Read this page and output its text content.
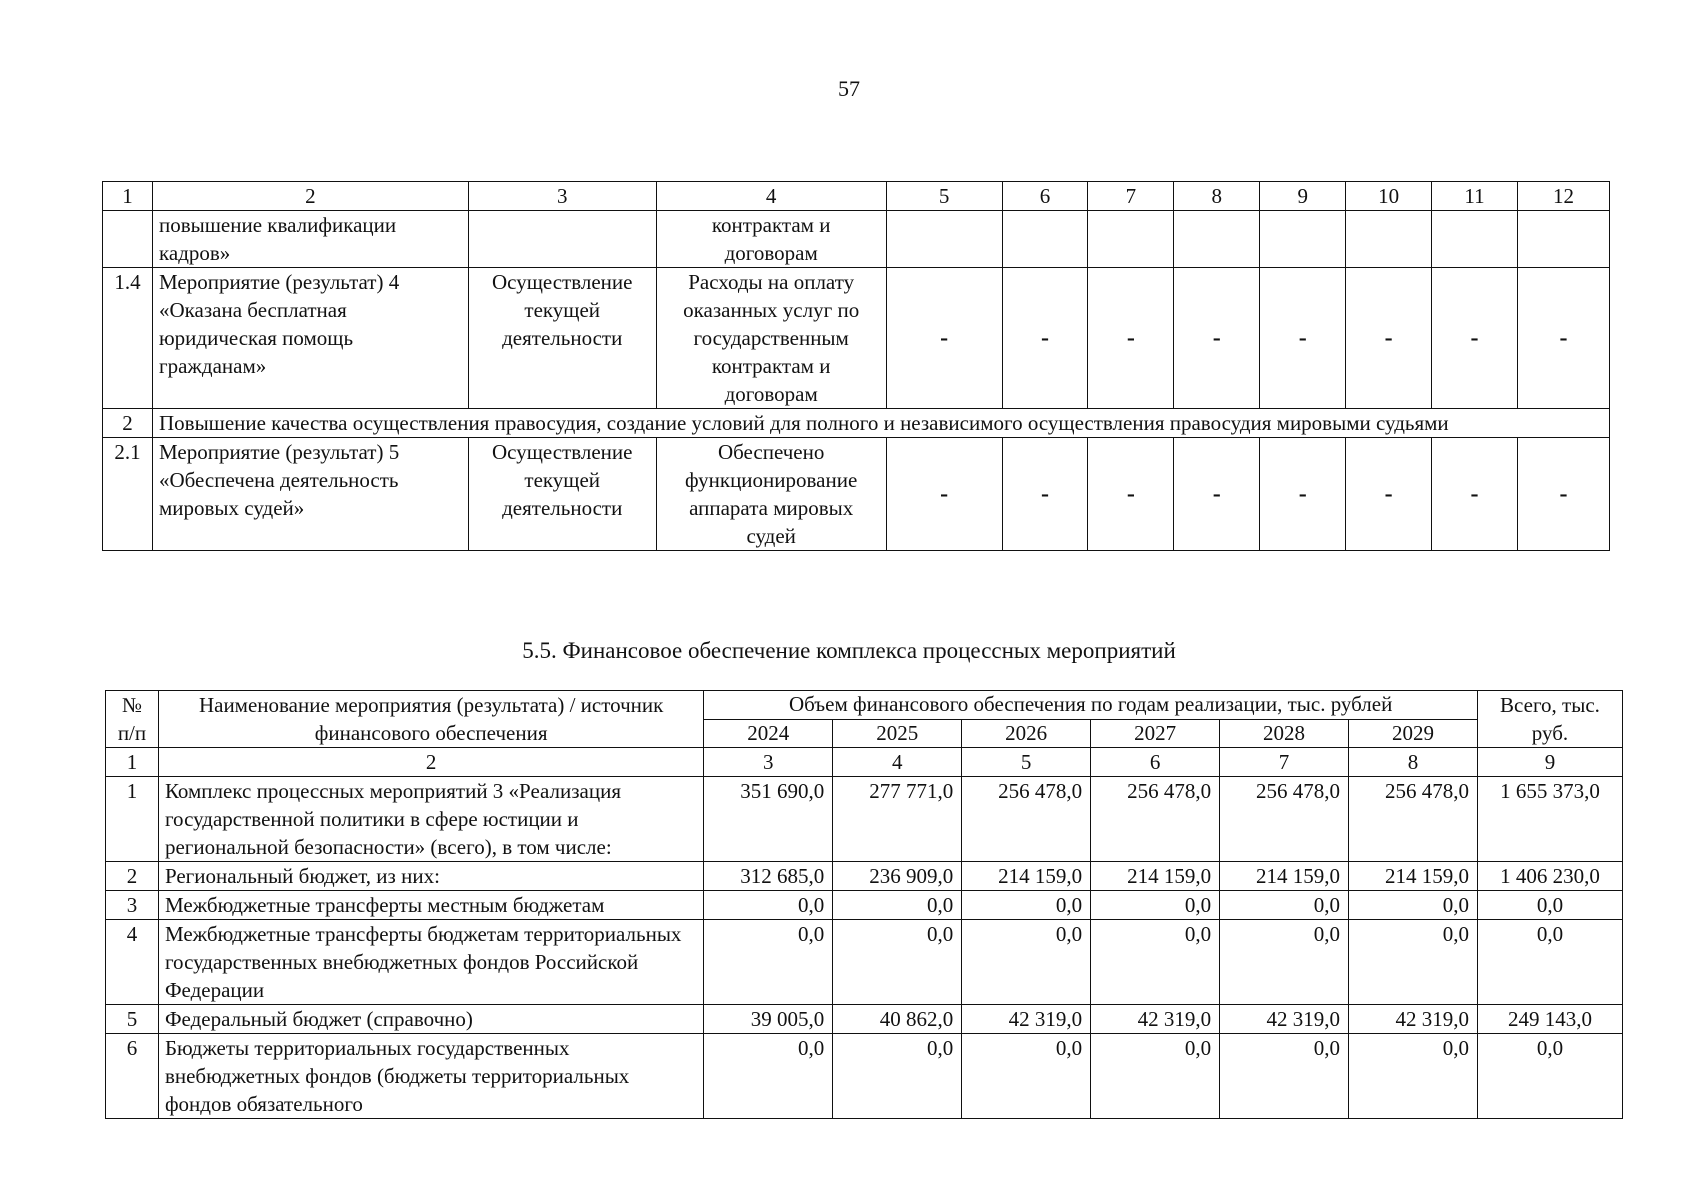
57
1	2	3	4	5	6	7	8	9	10	11	12
	повышение квалификации кадров»		контрактам и договорам								
1.4	Мероприятие (результат) 4 «Оказана бесплатная юридическая помощь гражданам»	Осуществление текущей деятельности	Расходы на оплату оказанных услуг по государственным контрактам и договорам	-	-	-	-	-	-	-	-
2	Повышение качества осуществления правосудия, создание условий для полного и независимого осуществления правосудия мировыми судьями										
2.1	Мероприятие (результат) 5 «Обеспечена деятельность мировых судей»	Осуществление текущей деятельности	Обеспечено функционирование аппарата мировых судей	-	-	-	-	-	-	-	-
5.5. Финансовое обеспечение комплекса процессных мероприятий
№ п/п	Наименование мероприятия (результата) / источник финансового обеспечения	Объем финансового обеспечения по годам реализации, тыс. рублей						Всего, тыс. руб.
		2024	2025	2026	2027	2028	2029	
1	2	3	4	5	6	7	8	9
1	Комплекс процессных мероприятий 3 «Реализация государственной политики в сфере юстиции и региональной безопасности» (всего), в том числе:	351 690,0	277 771,0	256 478,0	256 478,0	256 478,0	256 478,0	1 655 373,0
2	Региональный бюджет, из них:	312 685,0	236 909,0	214 159,0	214 159,0	214 159,0	214 159,0	1 406 230,0
3	Межбюджетные трансферты местным бюджетам	0,0	0,0	0,0	0,0	0,0	0,0	0,0
4	Межбюджетные трансферты бюджетам территориальных государственных внебюджетных фондов Российской Федерации	0,0	0,0	0,0	0,0	0,0	0,0	0,0
5	Федеральный бюджет (справочно)	39 005,0	40 862,0	42 319,0	42 319,0	42 319,0	42 319,0	249 143,0
6	Бюджеты территориальных государственных внебюджетных фондов (бюджеты территориальных фондов обязательного	0,0	0,0	0,0	0,0	0,0	0,0	0,0
